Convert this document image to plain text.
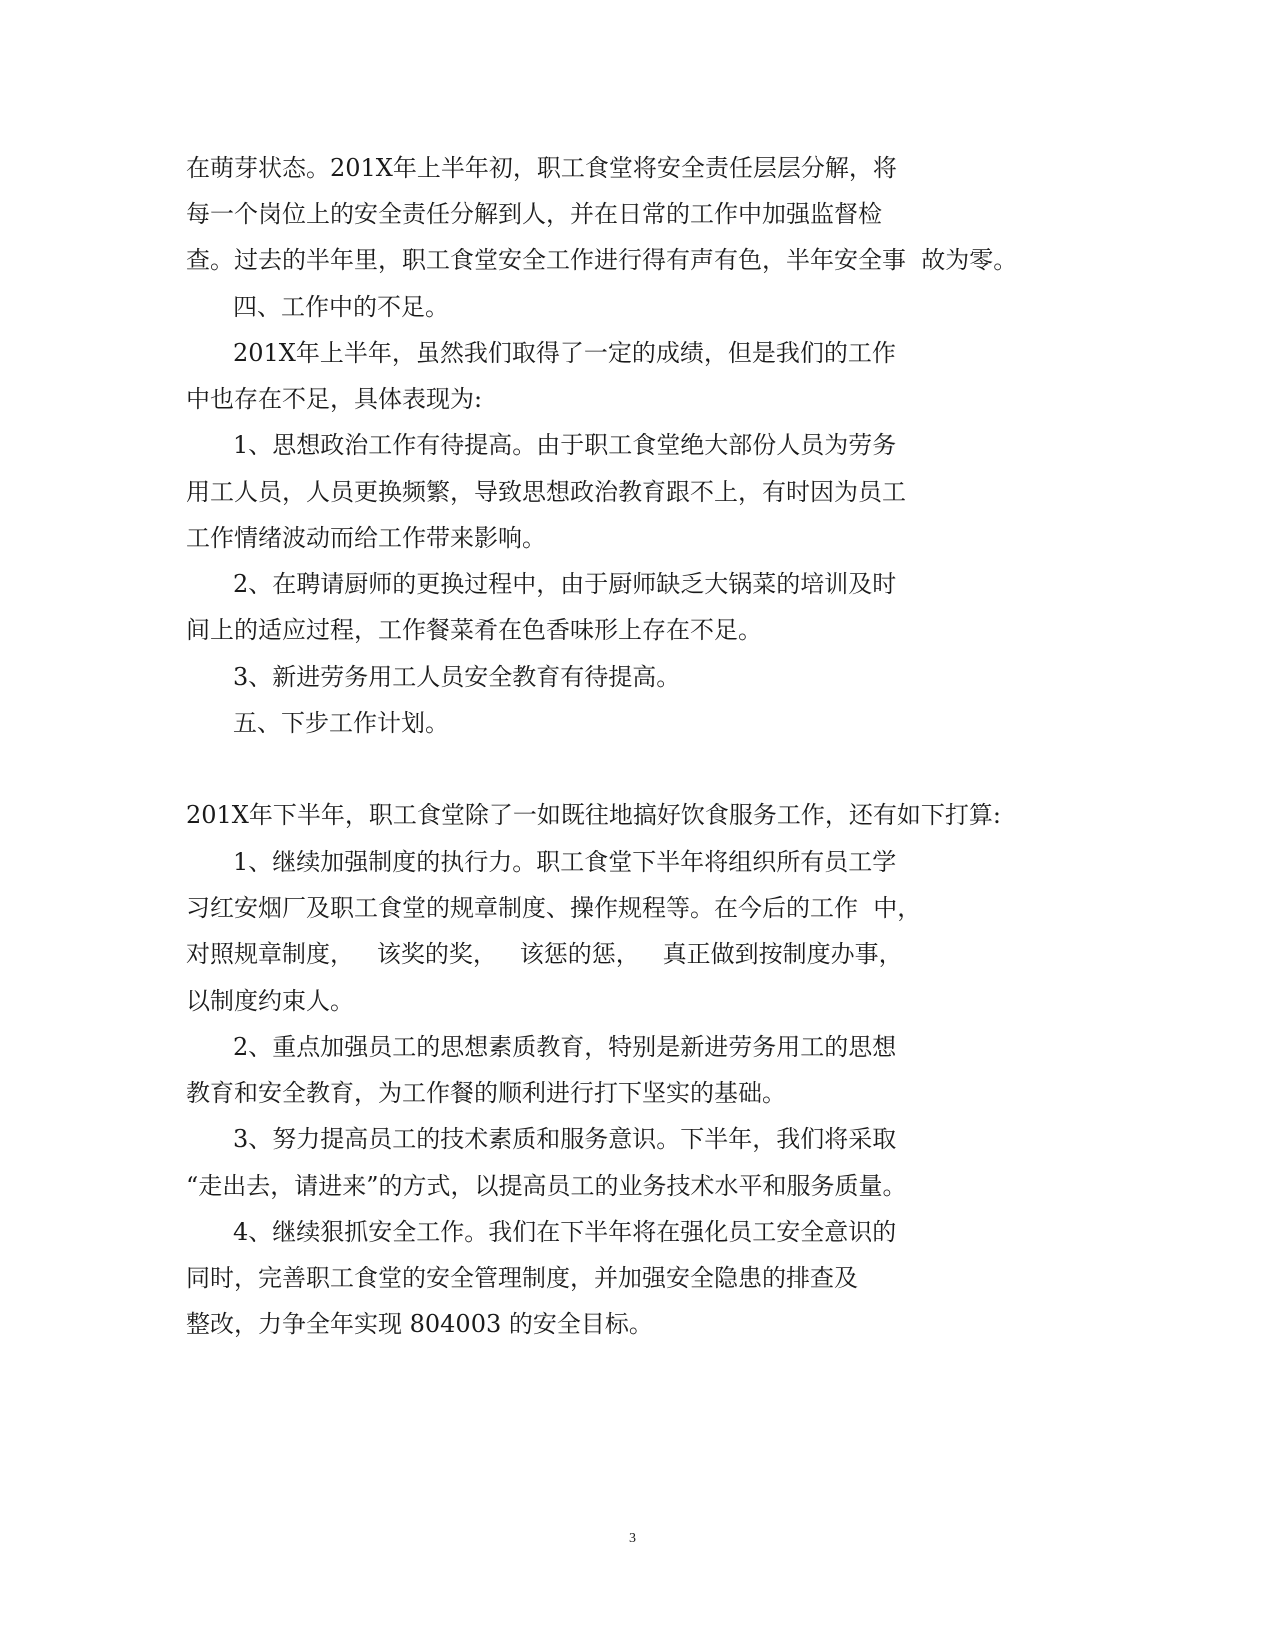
在萌芽状态。201X年上半年初，职工食堂将安全责任层层分解，将
每一个岗位上的安全责任分解到人，并在日常的工作中加强监督检
查。过去的半年里，职工食堂安全工作进行得有声有色，半年安全事  故为零。
四、工作中的不足。
201X年上半年，虽然我们取得了一定的成绩，但是我们的工作
中也存在不足，具体表现为:
1、思想政治工作有待提高。由于职工食堂绝大部份人员为劳务
用工人员，人员更换频繁，导致思想政治教育跟不上，有时因为员工
工作情绪波动而给工作带来影响。
2、在聘请厨师的更换过程中，由于厨师缺乏大锅菜的培训及时
间上的适应过程，工作餐菜肴在色香味形上存在不足。
3、新进劳务用工人员安全教育有待提高。
五、下步工作计划。
201X年下半年，职工食堂除了一如既往地搞好饮食服务工作，还有如下打算:
1、继续加强制度的执行力。职工食堂下半年将组织所有员工学
习红安烟厂及职工食堂的规章制度、操作规程等。在今后的工作  中，
对照规章制度，   该奖的奖，   该惩的惩，   真正做到按制度办事，
以制度约束人。
2、重点加强员工的思想素质教育，特别是新进劳务用工的思想
教育和安全教育，为工作餐的顺利进行打下坚实的基础。
3、努力提高员工的技术素质和服务意识。下半年，我们将采取
“走出去，请进来”的方式，以提高员工的业务技术水平和服务质量。
4、继续狠抓安全工作。我们在下半年将在强化员工安全意识的
同时，完善职工食堂的安全管理制度，并加强安全隐患的排查及
整改，力争全年实现 804003 的安全目标。
3
